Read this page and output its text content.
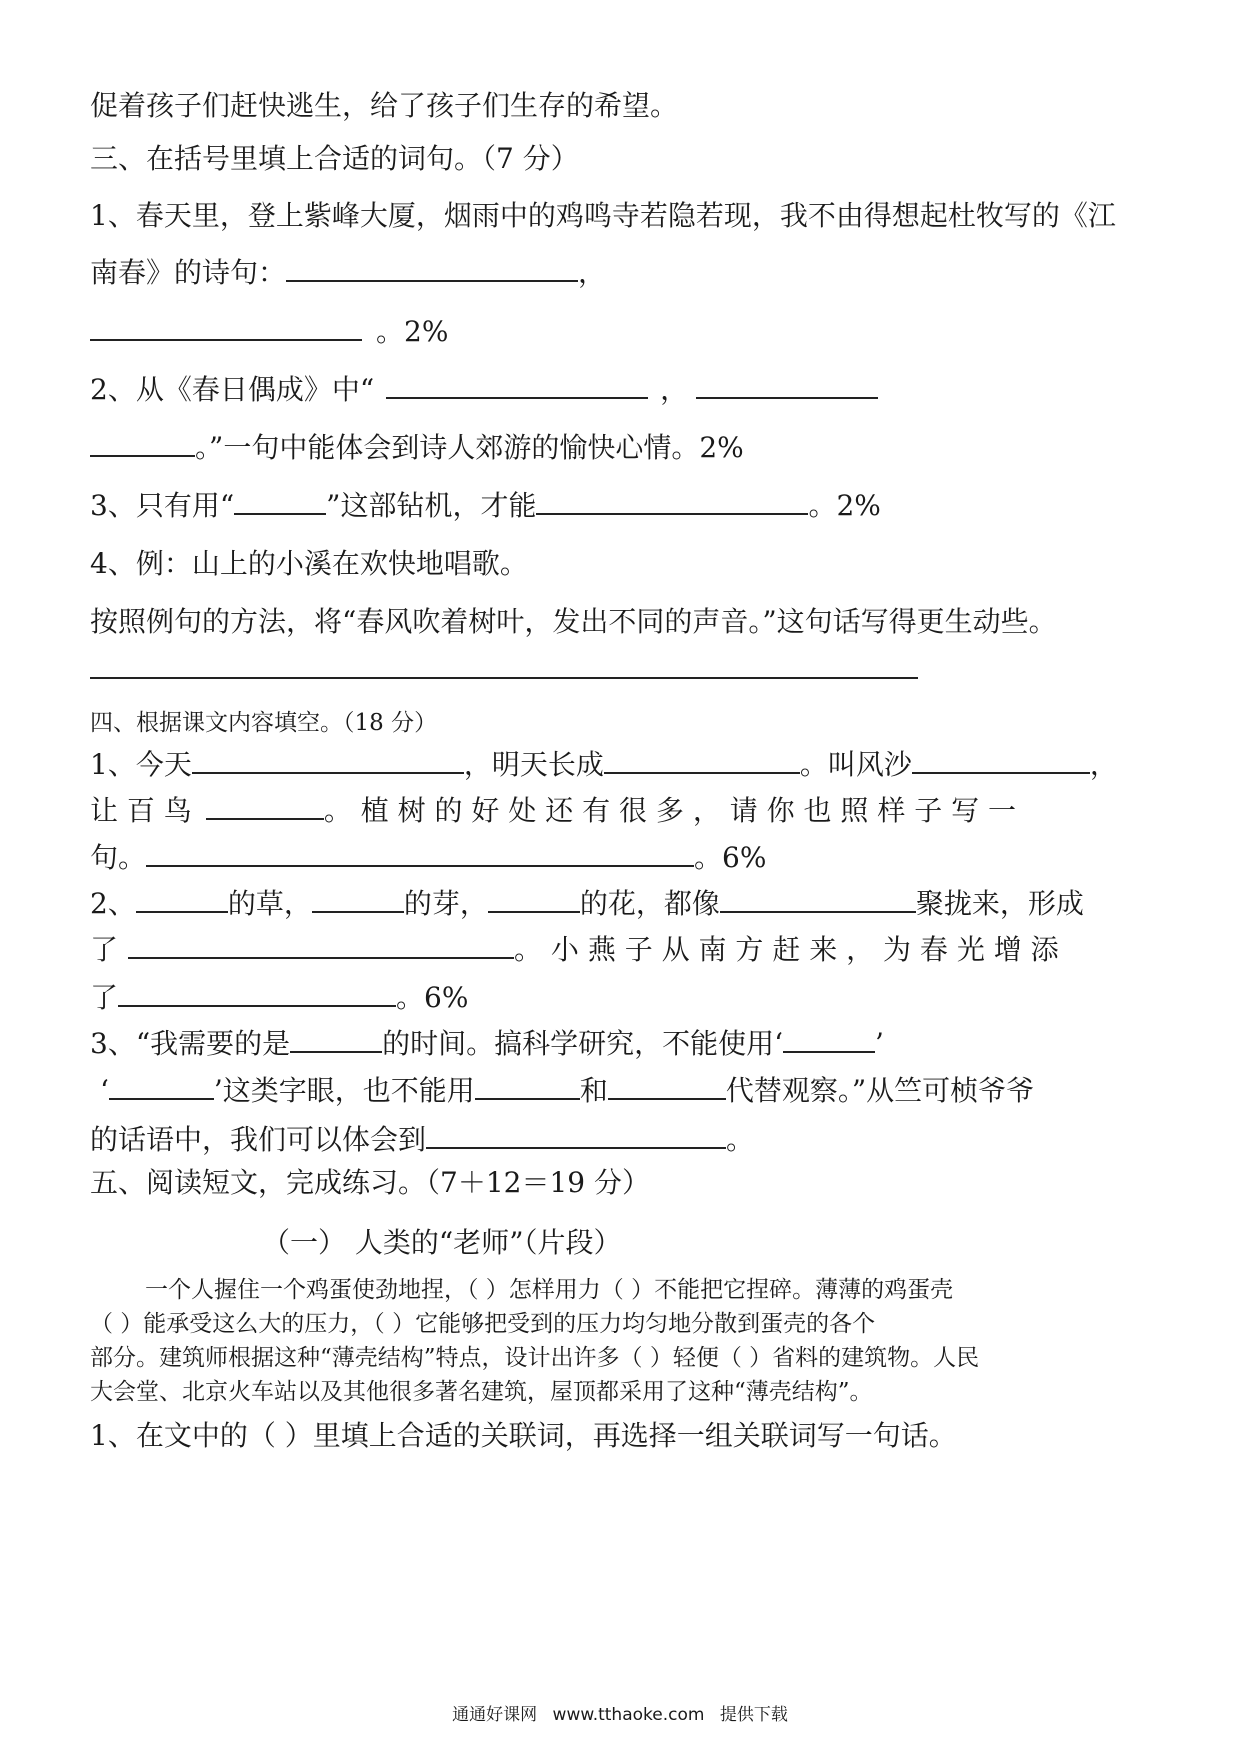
促着孩子们赶快逃生，给了孩子们生存的希望。
三、在括号里填上合适的词句。（7 分）
1、春天里，登上紫峰大厦，烟雨中的鸡鸣寺若隐若现，我不由得想起杜牧写的《江
南春》的诗句：	，
。2%
2、从《春日偶成》中“	，
。”一句中能体会到诗人郊游的愉快心情。2%
3、只有用“	”这部钻机，才能	。2%
4、例：山上的小溪在欢快地唱歌。
按照例句的方法，将“春风吹着树叶，发出不同的声音。”这句话写得更生动些。
四、根据课文内容填空。（18 分）
1、今天	，明天长成	。叫风沙	，
让 百 鸟	。 植 树 的 好 处 还 有 很 多 ， 请 你 也 照 样 子 写 一
句。	。6%
2、	的草，	的芽，	的花，都像	聚拢来，形成
了	。 小 燕 子 从 南 方 赶 来 ， 为 春 光 增 添
了	。6%
3、“我需要的是	的时间。搞科学研究，不能使用‘	’
‘	’这类字眼，也不能用	和	代替观察。”从竺可桢爷爷
的话语中，我们可以体会到	。
五、阅读短文，完成练习。（7＋12＝19 分）
（一） 人类的“老师”（片段）
一个人握住一个鸡蛋使劲地捏，（ ）怎样用力（ ）不能把它捏碎。薄薄的鸡蛋壳
（ ）能承受这么大的压力，（ ）它能够把受到的压力均匀地分散到蛋壳的各个
部分。建筑师根据这种“薄壳结构”特点，设计出许多（ ）轻便（ ）省料的建筑物。人民
大会堂、北京火车站以及其他很多著名建筑，屋顶都采用了这种“薄壳结构”。
1、在文中的（ ）里填上合适的关联词，再选择一组关联词写一句话。
通通好课网 www.tthaoke.com 提供下载
